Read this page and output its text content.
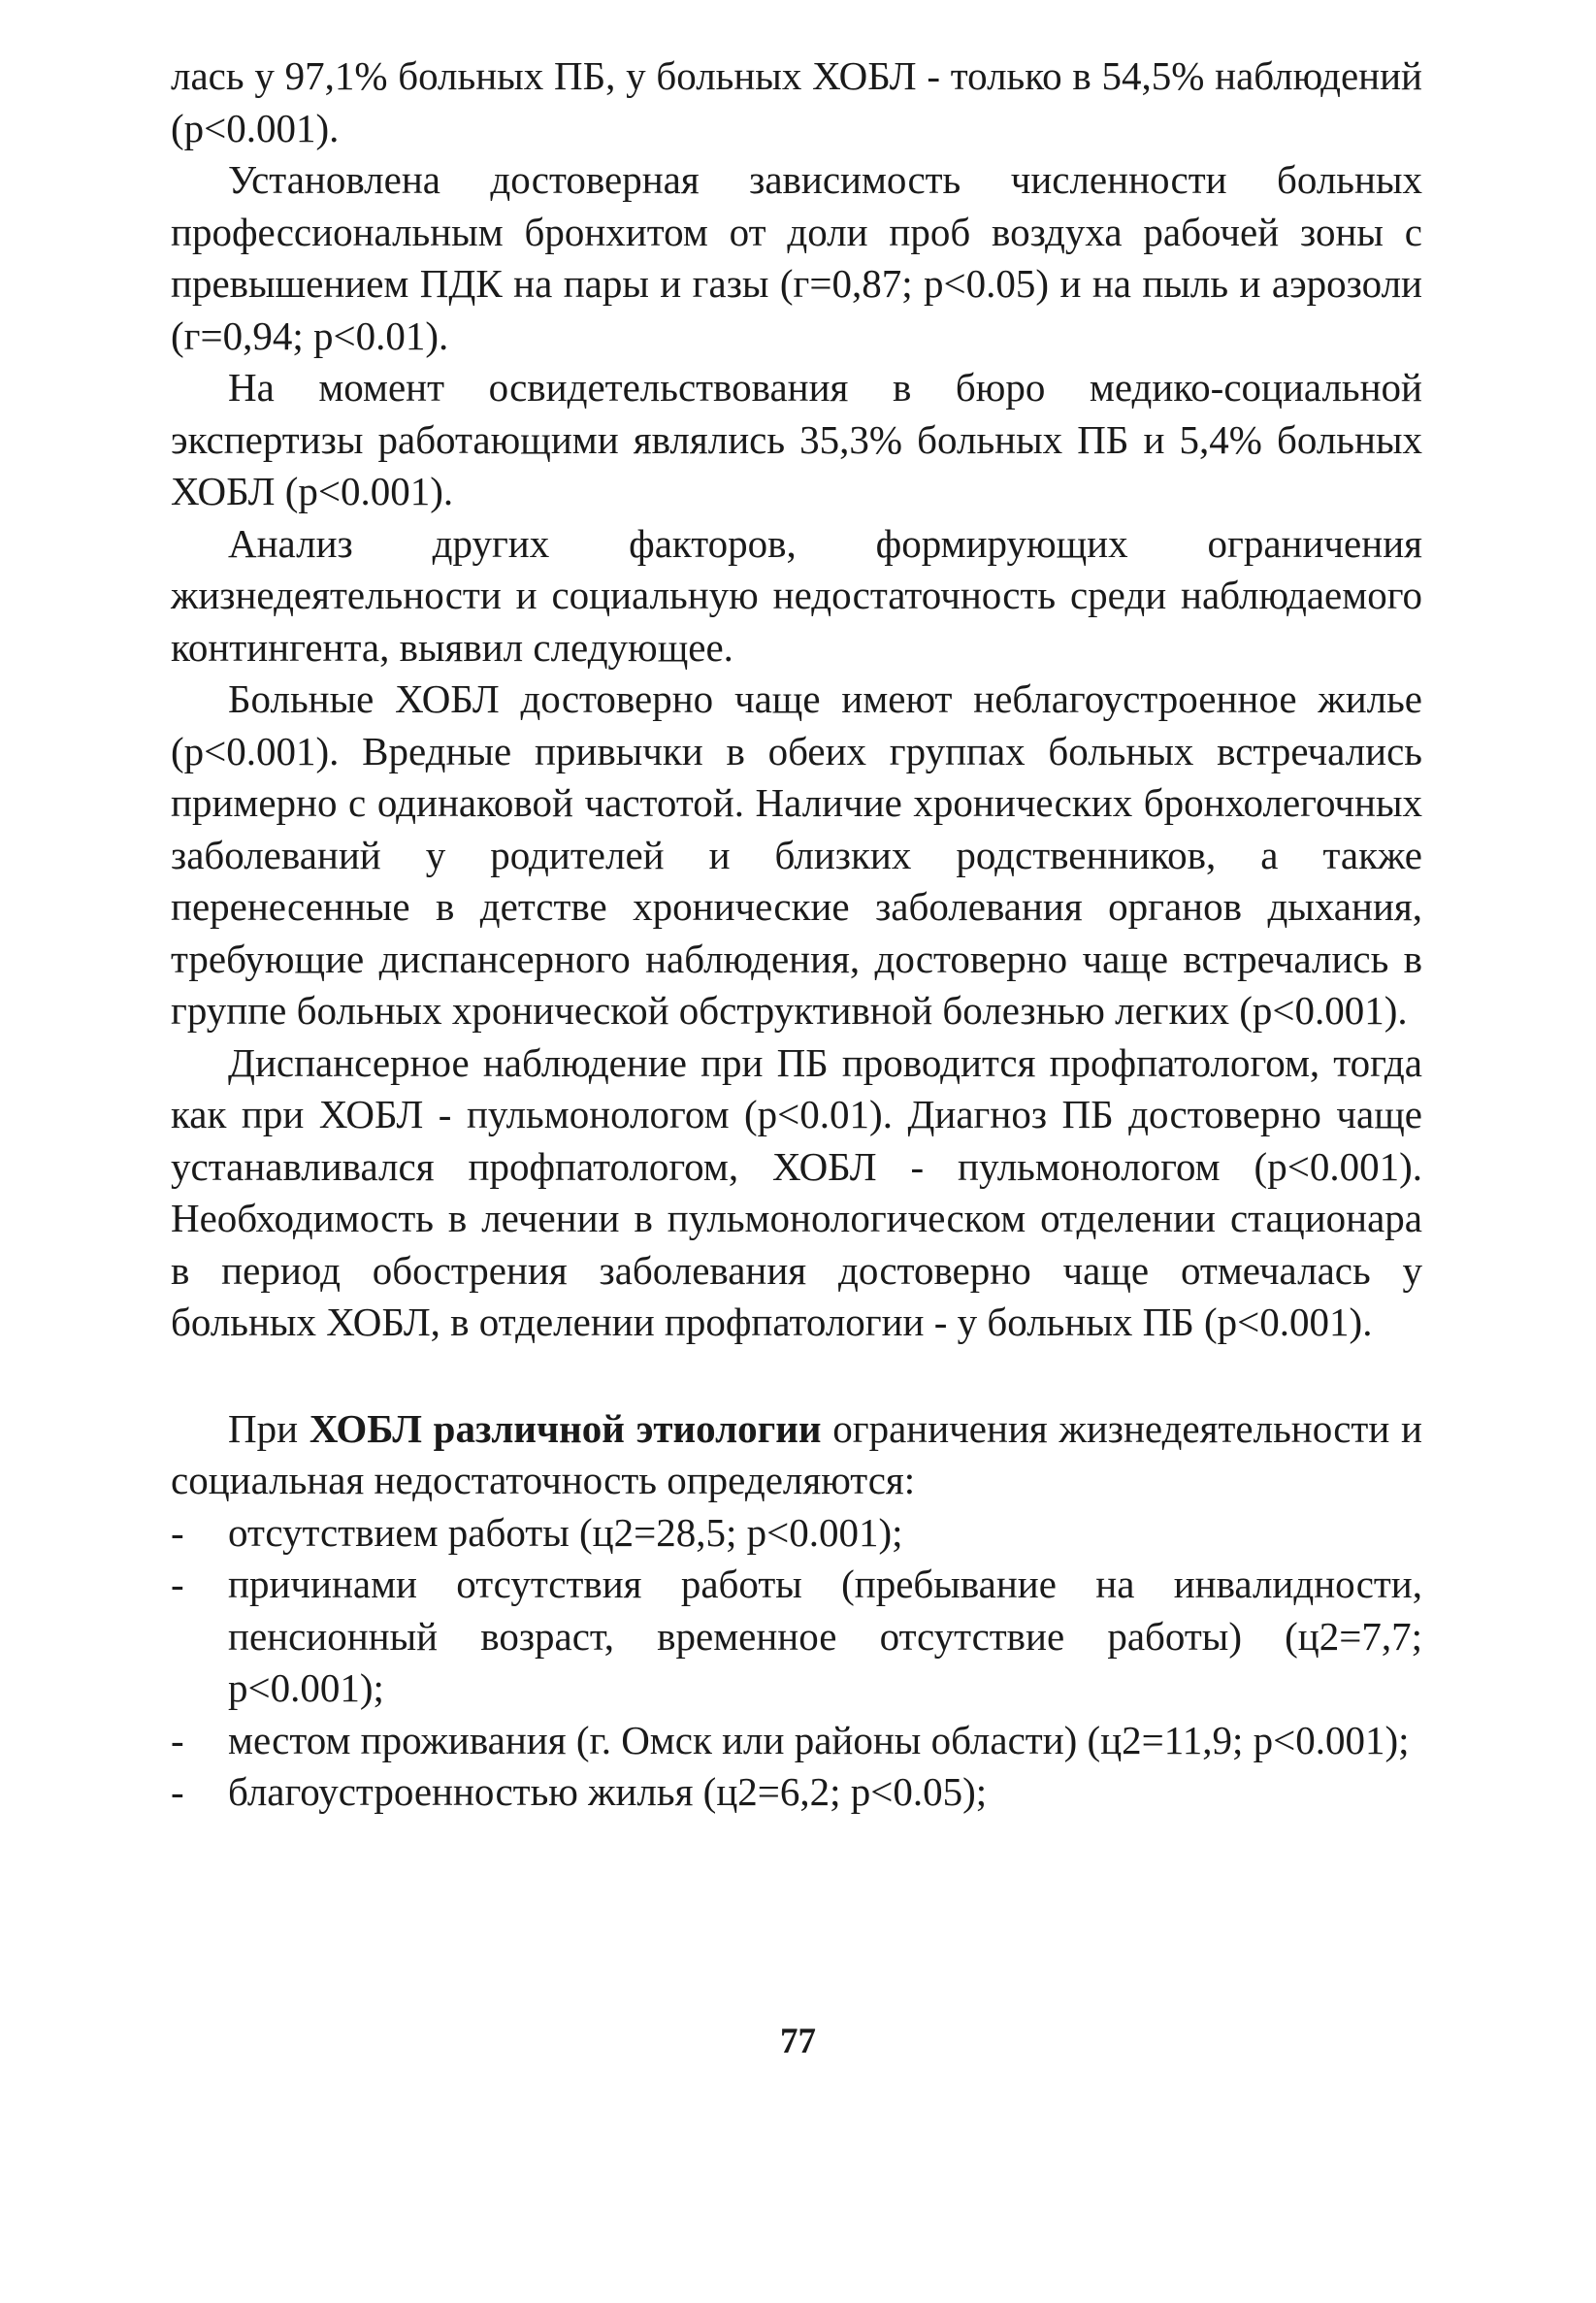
лась у 97,1% больных ПБ, у больных ХОБЛ - только в 54,5% наблюдений (р<0.001).

Установлена достоверная зависимость численности больных профессиональным бронхитом от доли проб воздуха рабочей зоны с превышением ПДК на пары и газы (г=0,87; р<0.05) и на пыль и аэрозоли (г=0,94; р<0.01).

На момент освидетельствования в бюро медико-социальной экспертизы работающими являлись 35,3% больных ПБ и 5,4% больных ХОБЛ (р<0.001).

Анализ других факторов, формирующих ограничения жизнедеятельности и социальную недостаточность среди наблюдаемого контингента, выявил следующее.

Больные ХОБЛ достоверно чаще имеют неблагоустроенное жилье (р<0.001). Вредные привычки в обеих группах больных встречались примерно с одинаковой частотой. Наличие хронических бронхолегочных заболеваний у родителей и близких родственников, а также перенесенные в детстве хронические заболевания органов дыхания, требующие диспансерного наблюдения, достоверно чаще встречались в группе больных хронической обструктивной болезнью легких (р<0.001).

Диспансерное наблюдение при ПБ проводится профпатологом, тогда как при ХОБЛ - пульмонологом (р<0.01). Диагноз ПБ достоверно чаще устанавливался профпатологом, ХОБЛ - пульмонологом (р<0.001). Необходимость в лечении в пульмонологическом отделении стационара в период обострения заболевания достоверно чаще отмечалась у больных ХОБЛ, в отделении профпатологии - у больных ПБ (р<0.001).

При ХОБЛ различной этиологии ограничения жизнедеятельности и социальная недостаточность определяются:

- отсутствием работы (ц2=28,5; р<0.001);
- причинами отсутствия работы (пребывание на инвалидности, пенсионный возраст, временное отсутствие работы) (ц2=7,7; р<0.001);
- местом проживания (г. Омск или районы области) (ц2=11,9; р<0.001);
- благоустроенностью жилья (ц2=6,2; р<0.05);
77
